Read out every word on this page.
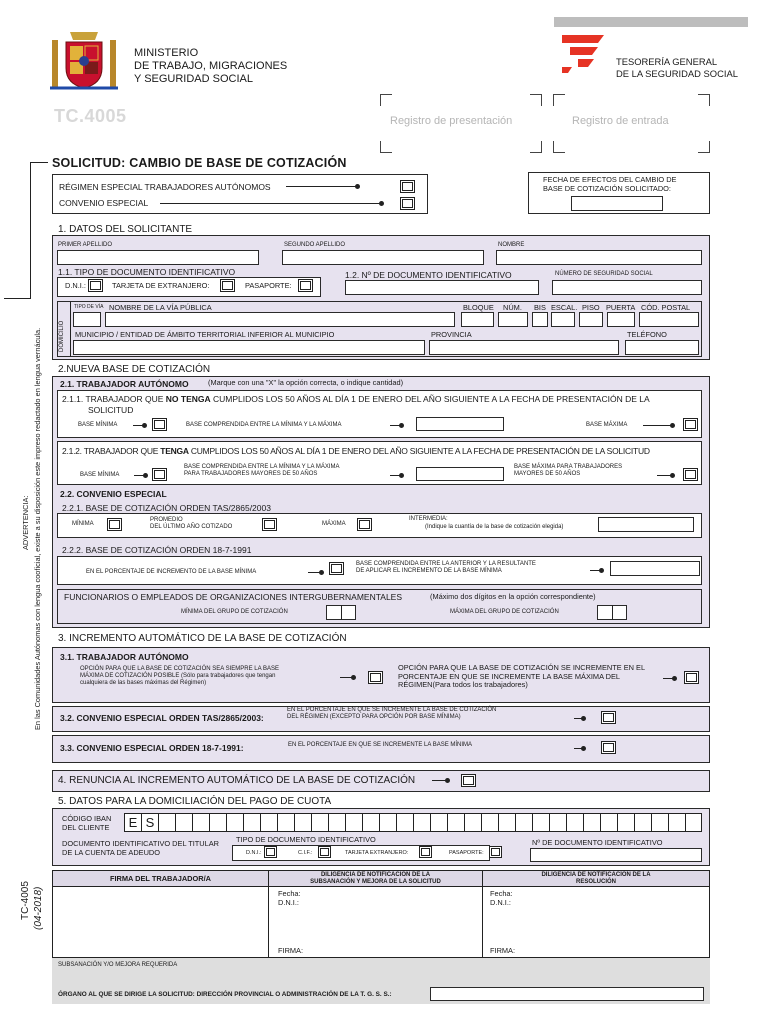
MINISTERIO
DE TRABAJO, MIGRACIONES
Y SEGURIDAD SOCIAL
TESORERÍA GENERAL
DE LA SEGURIDAD SOCIAL
TC.4005	Registro de presentación	Registro de entrada
ADVERTENCIA: En las Comunidades Autónomas con lengua cooficial, existe a su disposición este impreso redactado en lengua vernácula.
TC-4005 (04-2018)
SOLICITUD: CAMBIO DE BASE DE COTIZACIÓN
RÉGIMEN ESPECIAL TRABAJADORES AUTÓNOMOS
CONVENIO ESPECIAL
FECHA DE EFECTOS DEL CAMBIO DE
BASE DE COTIZACIÓN SOLICITADO:
1. DATOS DEL SOLICITANTE
PRIMER APELLIDO	SEGUNDO APELLIDO	NOMBRE
1.1. TIPO DE DOCUMENTO IDENTIFICATIVO
D.N.I.:	TARJETA DE EXTRANJERO:	PASAPORTE:
1.2. Nº DE DOCUMENTO IDENTIFICATIVO	NÚMERO DE SEGURIDAD SOCIAL
DOMICILIO
TIPO DE VÍA NOMBRE DE LA VÍA PÚBLICA	BLOQUE NÚM. BIS ESCAL. PISO PUERTA CÓD. POSTAL
MUNICIPIO / ENTIDAD DE ÁMBITO TERRITORIAL INFERIOR AL MUNICIPIO	PROVINCIA	TELÉFONO
2.NUEVA BASE DE COTIZACIÓN
2.1. TRABAJADOR AUTÓNOMO	(Marque con una "X" la opción correcta, o indique cantidad)
2.1.1. TRABAJADOR QUE NO TENGA CUMPLIDOS LOS 50 AÑOS AL DÍA 1 DE ENERO DEL AÑO SIGUIENTE A LA FECHA DE PRESENTACIÓN DE LA
SOLICITUD
BASE MÍNIMA	BASE COMPRENDIDA ENTRE LA MÍNIMA Y LA MÁXIMA	BASE MÁXIMA
2.1.2. TRABAJADOR QUE TENGA CUMPLIDOS LOS 50 AÑOS AL DÍA 1 DE ENERO DEL AÑO SIGUIENTE A LA FECHA DE PRESENTACIÓN DE LA SOLICITUD
BASE MÍNIMA
BASE COMPRENDIDA ENTRE LA MÍNIMA Y LA MÁXIMA
PARA TRABAJADORES MAYORES DE 50 AÑOS
BASE MÁXIMA PARA TRABAJADORES
MAYORES DE 50 AÑOS
2.2. CONVENIO ESPECIAL
2.2.1. BASE DE COTIZACIÓN ORDEN TAS/2865/2003
MÍNIMA
PROMEDIO
DEL ÚLTIMO AÑO COTIZADO	MÁXIMA
INTERMEDIA:
(Indique la cuantía de la base de cotización elegida)
2.2.2. BASE DE COTIZACIÓN ORDEN 18-7-1991
EN EL PORCENTAJE DE INCREMENTO DE LA BASE MÍNIMA
BASE COMPRENDIDA ENTRE LA ANTERIOR Y LA RESULTANTE
DE APLICAR EL INCREMENTO DE LA BASE MÍNIMA
FUNCIONARIOS O EMPLEADOS DE ORGANIZACIONES INTERGUBERNAMENTALES	(Máximo dos dígitos en la opción correspondiente)
MÍNIMA DEL GRUPO DE COTIZACIÓN	MÁXIMA DEL GRUPO DE COTIZACIÓN
3. INCREMENTO AUTOMÁTICO DE LA BASE DE COTIZACIÓN
3.1. TRABAJADOR AUTÓNOMO
OPCIÓN PARA QUE LA BASE DE COTIZACIÓN SEA SIEMPRE LA BASE
MÁXIMA DE COTIZACIÓN POSIBLE (Sólo para trabajadores que tengan
cualquiera de las bases máximas del Régimen)
OPCIÓN PARA QUE LA BASE DE COTIZACIÓN SE INCREMENTE EN EL
PORCENTAJE EN QUE SE INCREMENTE LA BASE MÁXIMA DEL
RÉGIMEN(Para todos los trabajadores)
3.2. CONVENIO ESPECIAL ORDEN TAS/2865/2003:
EN EL PORCENTAJE EN QUE SE INCREMENTE LA BASE DE COTIZACIÓN
DEL RÉGIMEN (EXCEPTO PARA OPCIÓN POR BASE MÍNIMA)
3.3. CONVENIO ESPECIAL ORDEN 18-7-1991:	EN EL PORCENTAJE EN QUE SE INCREMENTE LA BASE MÍNIMA
4. RENUNCIA AL INCREMENTO AUTOMÁTICO DE LA BASE DE COTIZACIÓN
5. DATOS PARA LA DOMICILIACIÓN DEL PAGO DE CUOTA
CÓDIGO IBAN
DEL CLIENTE E S
DOCUMENTO IDENTIFICATIVO DEL TITULAR
DE LA CUENTA DE ADEUDO
TIPO DE DOCUMENTO IDENTIFICATIVO
D.N.I.:	C.I.F.:	TARJETA EXTRANJERO:	PASAPORTE:
Nº DE DOCUMENTO IDENTIFICATIVO
FIRMA DEL TRABAJADOR/A	DILIGENCIA DE NOTIFICACIÓN DE LA
SUBSANACIÓN Y MEJORA DE LA SOLICITUD
DILIGENCIA DE NOTIFICACIÓN DE LA
RESOLUCIÓN
Fecha:
D.N.I.:
FIRMA:
Fecha:
D.N.I.:
FIRMA:
SUBSANACIÓN Y/O MEJORA REQUERIDA
ÓRGANO AL QUE SE DIRIGE LA SOLICITUD: DIRECCIÓN PROVINCIAL O ADMINISTRACIÓN DE LA T. G. S. S.:
